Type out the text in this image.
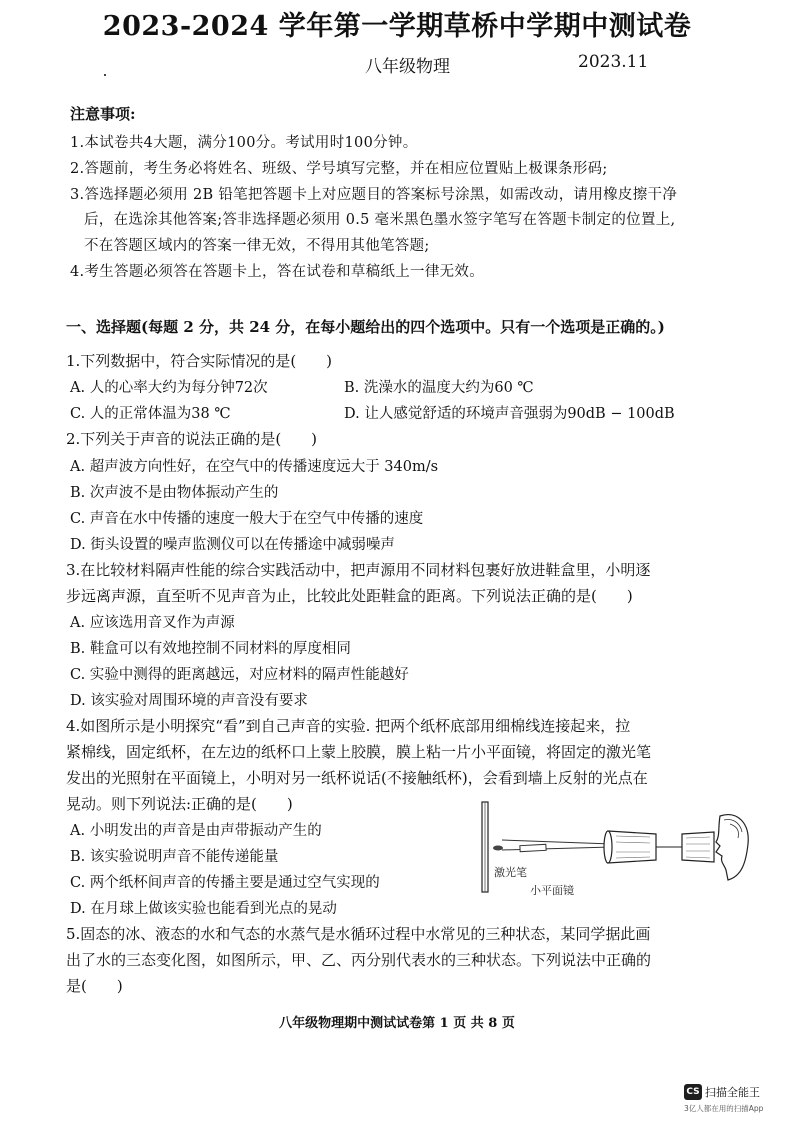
2023-2024 学年第一学期草桥中学期中测试卷
八年级物理	2023.11
注意事项:
1.本试卷共4大题，满分100分。考试用时100分钟。
2.答题前，考生务必将姓名、班级、学号填写完整，并在相应位置贴上极课条形码;
3.答选择题必须用 2B 铅笔把答题卡上对应题目的答案标号涂黑，如需改动，请用橡皮擦干净
后，在选涂其他答案;答非选择题必须用 0.5 毫米黑色墨水签字笔写在答题卡制定的位置上,
不在答题区域内的答案一律无效，不得用其他笔答题;
4.考生答题必须答在答题卡上，答在试卷和草稿纸上一律无效。
一、选择题(每题 2 分，共 24 分，在每小题给出的四个选项中。只有一个选项是正确的。)
1.下列数据中，符合实际情况的是(　　)
A. 人的心率大约为每分钟72次	B. 洗澡水的温度大约为60 ℃
C. 人的正常体温为38 ℃	D. 让人感觉舒适的环境声音强弱为90dB − 100dB
2.下列关于声音的说法正确的是(　　)
A. 超声波方向性好，在空气中的传播速度远大于 340m/s
B. 次声波不是由物体振动产生的
C. 声音在水中传播的速度一般大于在空气中传播的速度
D. 街头设置的噪声监测仪可以在传播途中减弱噪声
3.在比较材料隔声性能的综合实践活动中，把声源用不同材料包裹好放进鞋盒里，小明逐
步远离声源，直至听不见声音为止，比较此处距鞋盒的距离。下列说法正确的是(　　)
A. 应该选用音叉作为声源
B. 鞋盒可以有效地控制不同材料的厚度相同
C. 实验中测得的距离越远，对应材料的隔声性能越好
D. 该实验对周围环境的声音没有要求
4.如图所示是小明探究“看”到自己声音的实验. 把两个纸杯底部用细棉线连接起来，拉
紧棉线，固定纸杯，在左边的纸杯口上蒙上胶膜，膜上粘一片小平面镜，将固定的激光笔
发出的光照射在平面镜上，小明对另一纸杯说话(不接触纸杯)，会看到墙上反射的光点在
晃动。则下列说法:正确的是(　　)
A. 小明发出的声音是由声带振动产生的
B. 该实验说明声音不能传递能量
C. 两个纸杯间声音的传播主要是通过空气实现的
D. 在月球上做该实验也能看到光点的晃动
激光笔
小平面镜
5.固态的冰、液态的水和气态的水蒸气是水循环过程中水常见的三种状态，某同学据此画
出了水的三态变化图，如图所示，甲、乙、丙分别代表水的三种状态。下列说法中正确的
是(　　)
八年级物理期中测试试卷第 1 页 共 8 页
CS 扫描全能王
3亿人都在用的扫描App
